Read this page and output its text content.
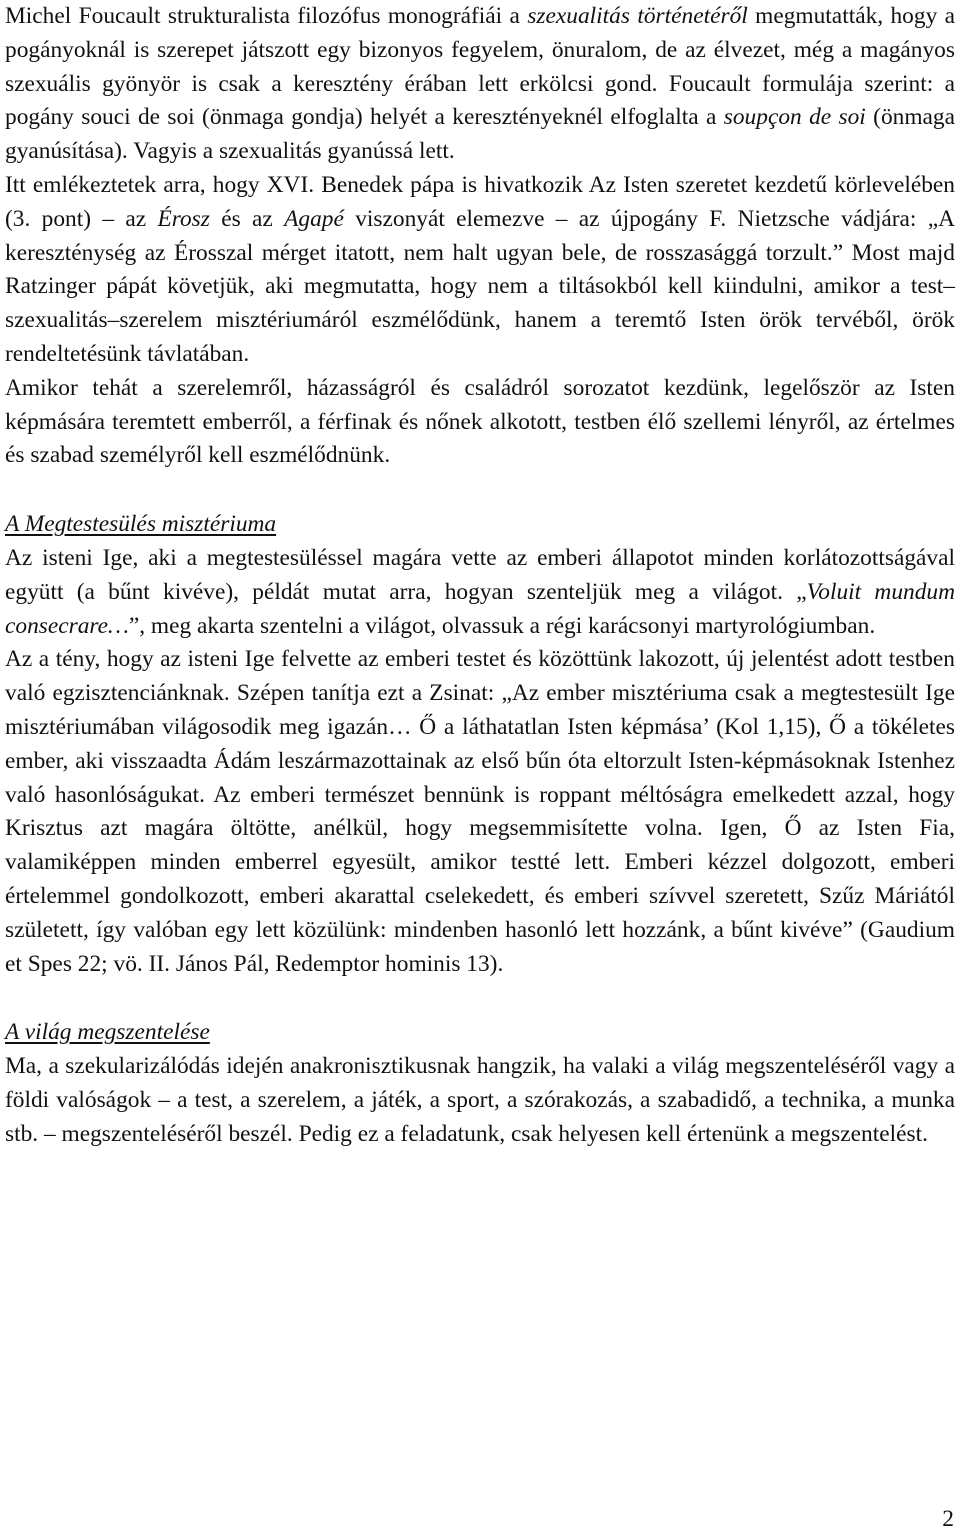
Michel Foucault strukturalista filozófus monográfiái a szexualitás történetéről megmutatták, hogy a pogányoknál is szerepet játszott egy bizonyos fegyelem, önuralom, de az élvezet, még a magányos szexuális gyönyör is csak a keresztény érában lett erkölcsi gond. Foucault formulája szerint: a pogány souci de soi (önmaga gondja) helyét a keresztényeknél elfoglalta a soupçon de soi (önmaga gyanúsítása). Vagyis a szexualitás gyanússá lett.

Itt emlékeztetek arra, hogy XVI. Benedek pápa is hivatkozik Az Isten szeretet kezdetű körlevelében (3. pont) – az Érosz és az Agapé viszonyát elemezve – az újpogány F. Nietzsche vádjára: „A kereszténység az Érosszal mérget itatott, nem halt ugyan bele, de rosszasággá torzult.” Most majd Ratzinger pápát követjük, aki megmutatta, hogy nem a tiltásokból kell kiindulni, amikor a test–szexualitás–szerelem misztériumáról eszmélődünk, hanem a teremtő Isten örök tervéből, örök rendeltetésünk távlatában.

Amikor tehát a szerelemről, házasságról és családról sorozatot kezdünk, legelőször az Isten képmására teremtett emberről, a férfinak és nőnek alkotott, testben élő szellemi lényről, az értelmes és szabad személyről kell eszmélődnünk.

A Megtestesülés misztériuma

Az isteni Ige, aki a megtestesüléssel magára vette az emberi állapotot minden korlátozottságával együtt (a bűnt kivéve), példát mutat arra, hogyan szenteljük meg a világot. „Voluit mundum consecrare…”, meg akarta szentelni a világot, olvassuk a régi karácsonyi martyrológiumban.

Az a tény, hogy az isteni Ige felvette az emberi testet és közöttünk lakozott, új jelentést adott testben való egzisztenciánknak. Szépen tanítja ezt a Zsinat: „Az ember misztériuma csak a megtestesült Ige misztériumában világosodik meg igazán… Ő a láthatatlan Isten képmása’ (Kol 1,15), Ő a tökéletes ember, aki visszaadta Ádám leszármazottainak az első bűn óta eltorzult Isten-képmásoknak Istenhez való hasonlóságukat. Az emberi természet bennünk is roppant méltóságra emelkedett azzal, hogy Krisztus azt magára öltötte, anélkül, hogy megsemmisítette volna. Igen, Ő az Isten Fia, valamiképpen minden emberrel egyesült, amikor testté lett. Emberi kézzel dolgozott, emberi értelemmel gondolkozott, emberi akarattal cselekedett, és emberi szívvel szeretett, Szűz Máriától született, így valóban egy lett közülünk: mindenben hasonló lett hozzánk, a bűnt kivéve” (Gaudium et Spes 22; vö. II. János Pál, Redemptor hominis 13).

A világ megszentelése

Ma, a szekularizálódás idején anakronisztikusnak hangzik, ha valaki a világ megszenteléséről vagy a földi valóságok – a test, a szerelem, a játék, a sport, a szórakozás, a szabadidő, a technika, a munka stb. – megszenteléséről beszél. Pedig ez a feladatunk, csak helyesen kell értenünk a megszentelést.

2
